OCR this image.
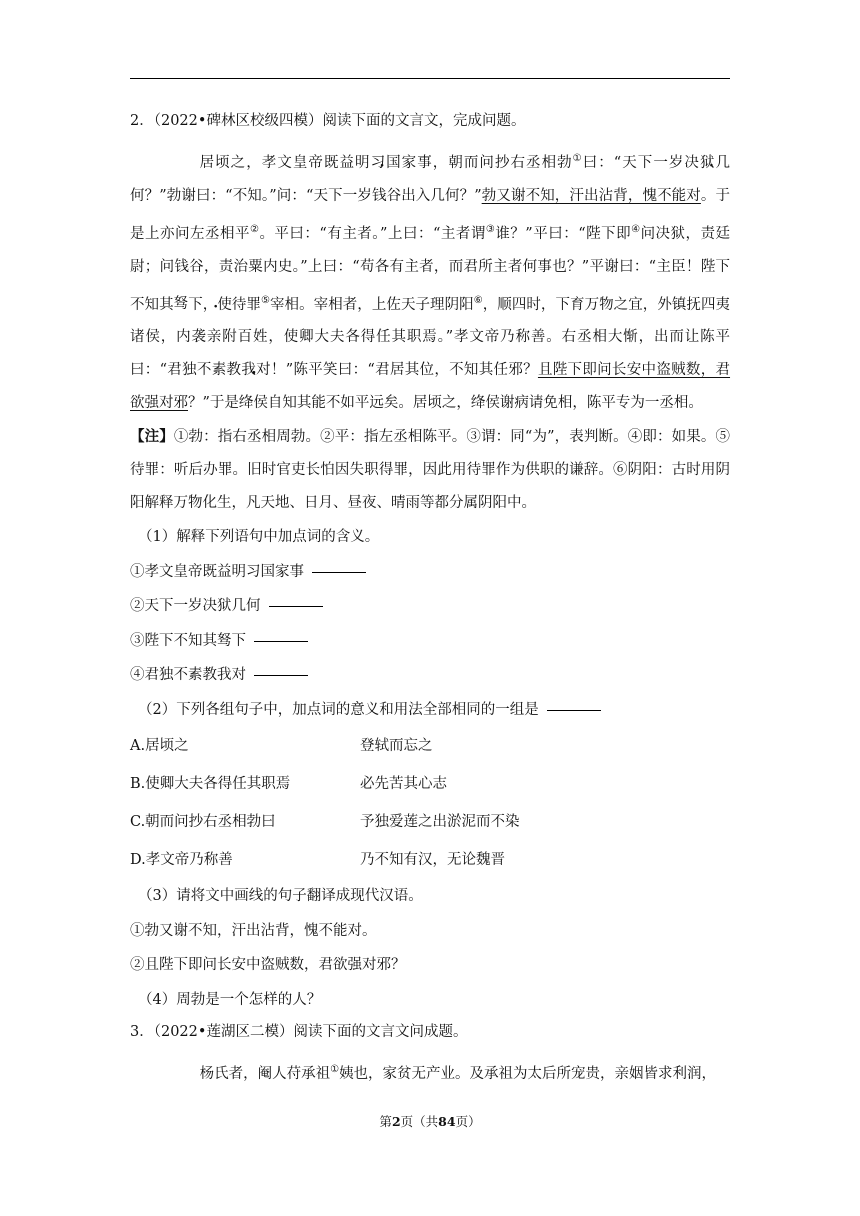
2．（2022•碑林区校级四模）阅读下面的文言文，完成问题。

居顷之，孝文皇帝既益 ·明习国家事，朝而问抄右丞相勃①曰：“天下一岁 ·决狱几何？”勃谢曰：“不知。”问：“天下一岁钱谷出入几何？”勃又谢不知，汗出沾背，愧不能对。于是上亦问左丞相平②。平曰：“有主者。”上曰：“主者谓③谁？”平曰：“陛下即④问决狱，责廷尉；问钱谷，责治粟内史。”上曰：“苟各有主者，而君所主者何事也？”平谢曰：“主臣！陛下不知其驽 ·下，使待罪⑤宰相。宰相者，上佐天子理阴阳⑥，顺四时，下育万物之宜，外镇抚四夷诸侯，内袭亲附百姓，使卿大夫各得任其职焉。”孝文帝乃称善。右丞相大惭，出而让陈平曰：“君独不素 ·教我对！”陈平笑曰：“君居其位，不知其任邪？且陛下即问长安中盗贼数，君欲强对邪？”于是绛侯自知其能不如平远矣。居顷之，绛侯谢病请免相，陈平专为一丞相。

【注】①勃：指右丞相周勃。②平：指左丞相陈平。③谓：同“为”，表判断。④即：如果。⑤待罪：听后办罪。旧时官吏长怕因失职得罪，因此用待罪作为供职的谦辞。⑥阴阳：古时用阴阳解释万物化生，凡天地、日月、昼夜、晴雨等都分属阴阳中。

（1）解释下列语句中加点词的含义。

①孝文皇帝既益明习国家事

②天下一岁决狱几何

③陛下不知其驽下

④君独不素教我对

（2）下列各组句子中，加点词的意义和用法全部相同的一组是

A.居顷之	登轼而忘之
B.使卿大夫各得任其职焉	必先苦其心志
C.朝而问抄右丞相勃曰	予独爱莲之出淤泥而不染
D.孝文帝乃称善	乃不知有汉，无论魏晋

（3）请将文中画线的句子翻译成现代汉语。

①勃又谢不知，汗出沾背，愧不能对。

②且陛下即问长安中盗贼数，君欲强对邪？

（4）周勃是一个怎样的人？

3．（2022•莲湖区二模）阅读下面的文言文问成题。

杨氏者，阉人苻承祖①姨也，家贫无产业。及承祖为太后所宠贵，亲姻皆求利润，

第2页（共84页）
